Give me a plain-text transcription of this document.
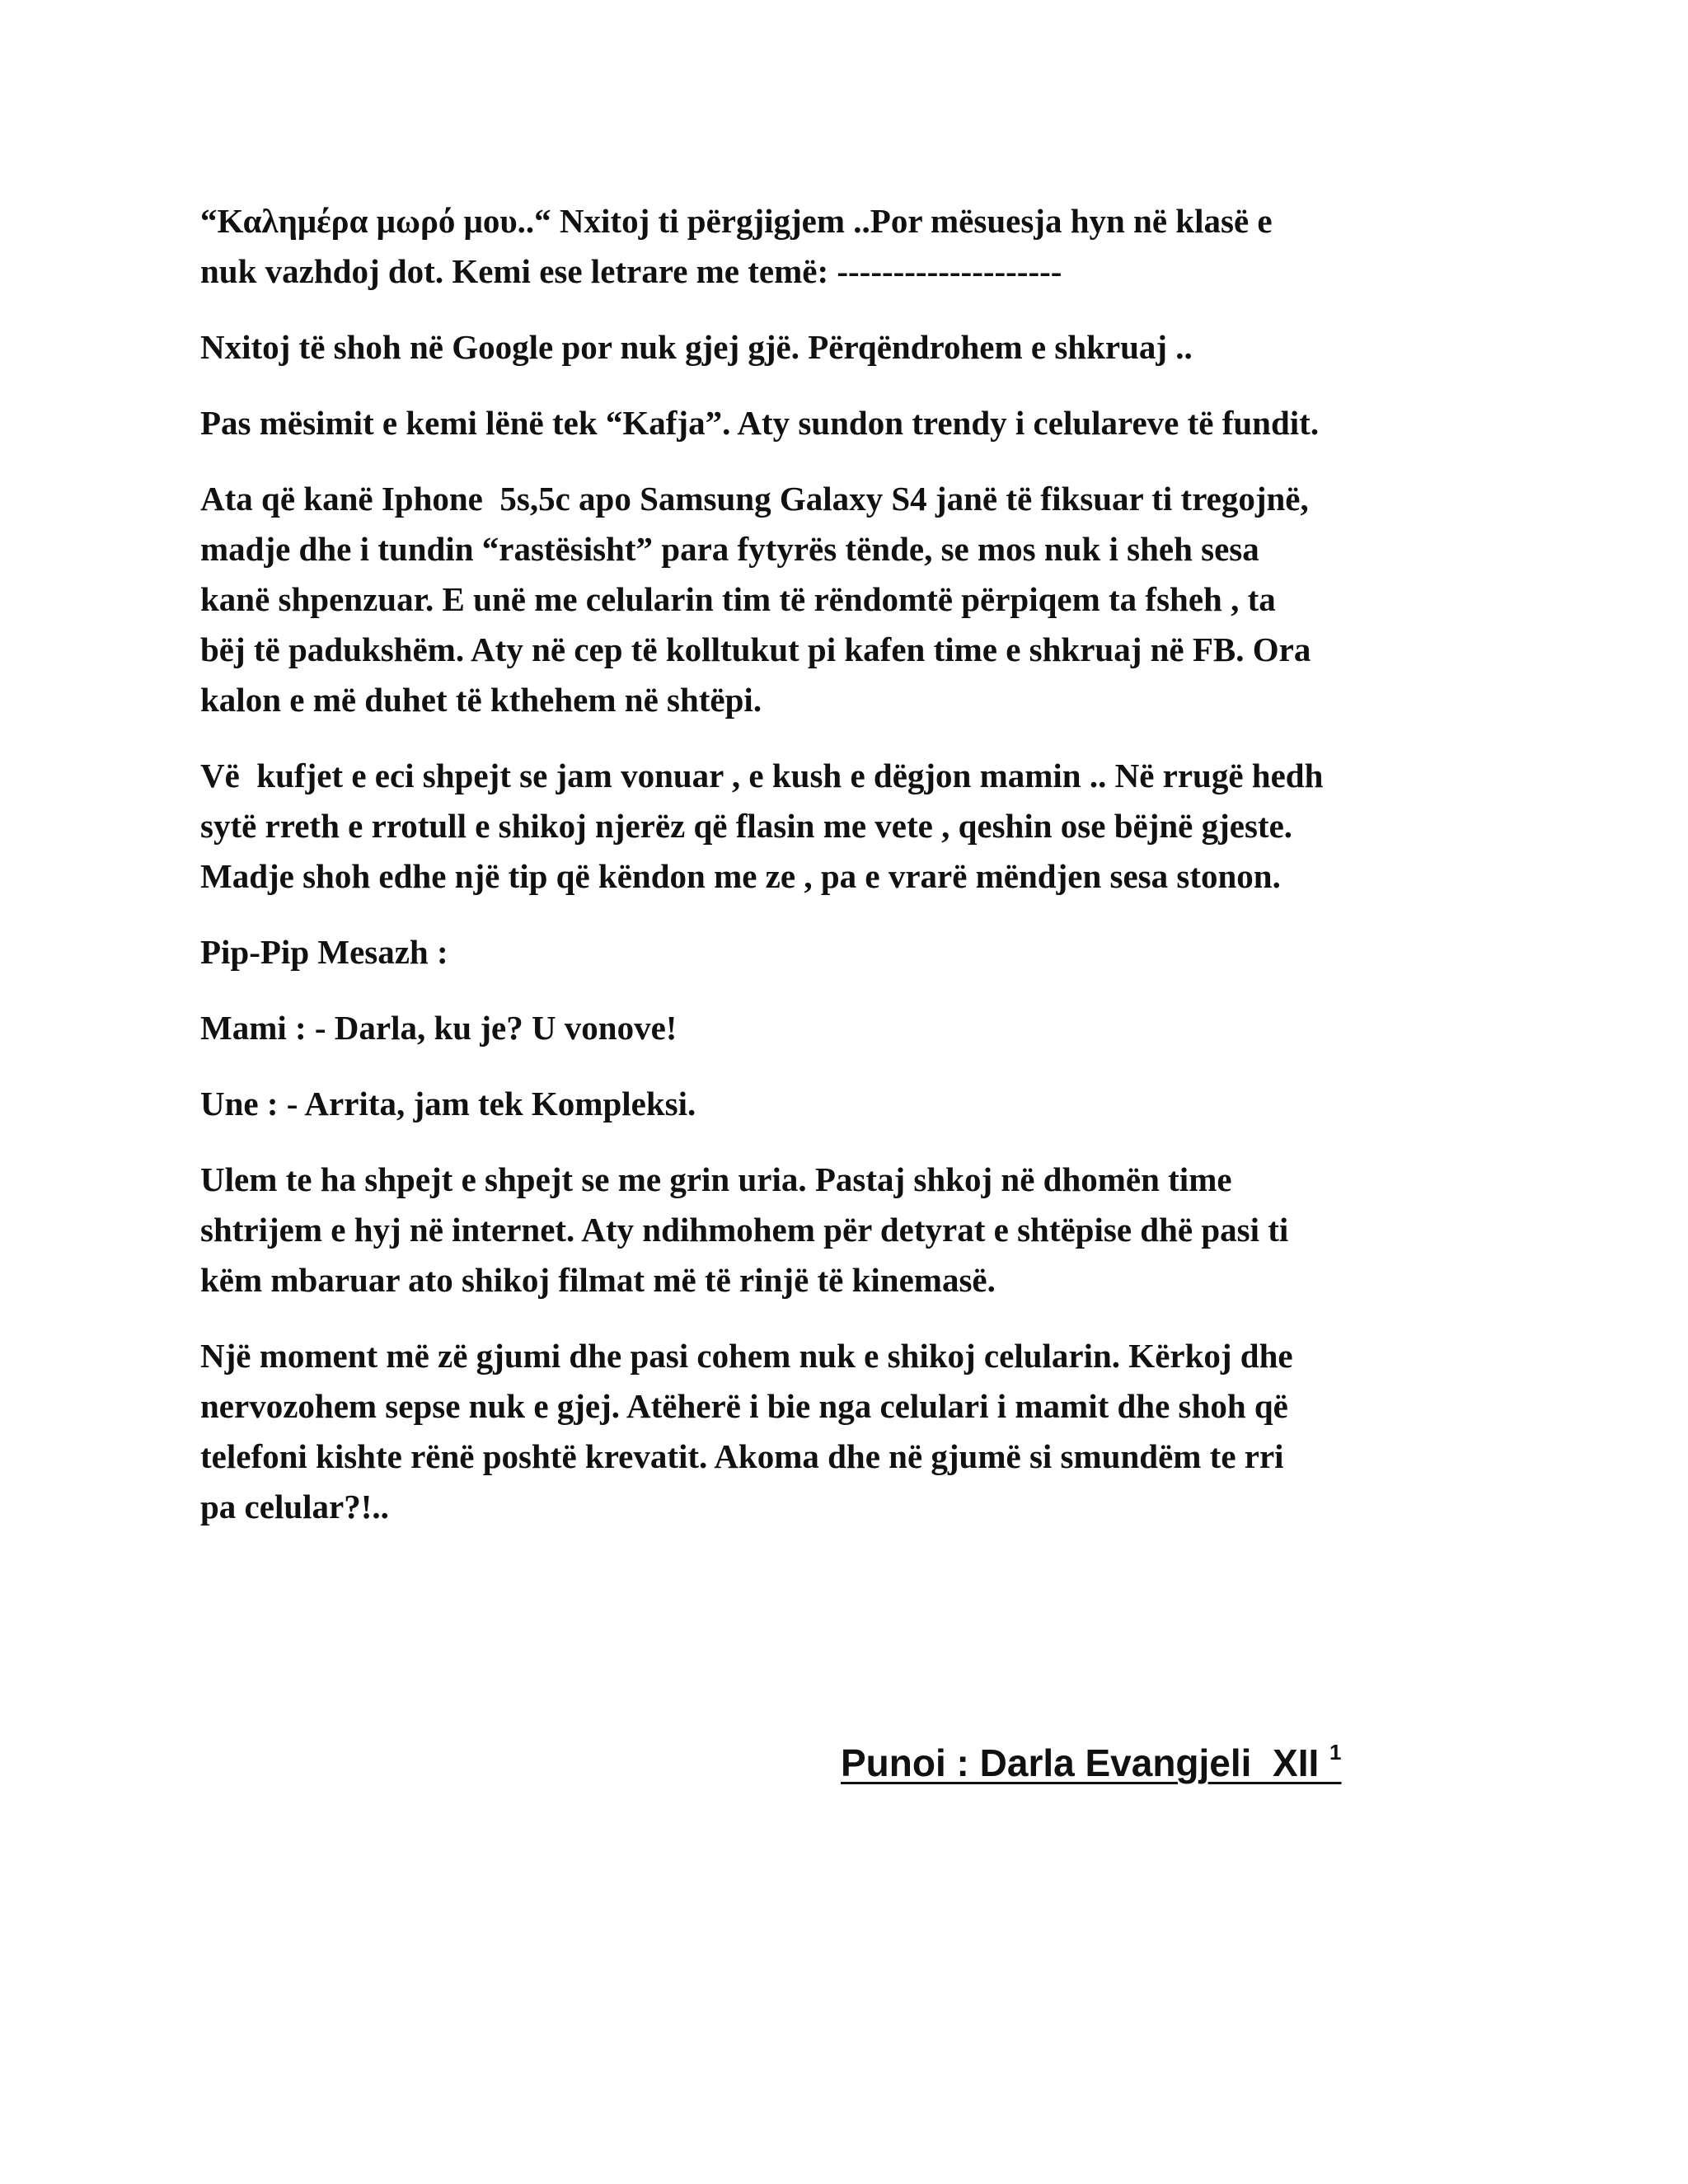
“Καλημέρα μωρό μου..“ Nxitoj ti përgjigjem ..Por mësuesja hyn në klasë e
nuk vazhdoj dot. Kemi ese letrare me temë: --------------------

Nxitoj të shoh në Google por nuk gjej gjë. Përqëndrohem e shkruaj ..

Pas mësimit e kemi lënë tek “Kafja”. Aty sundon trendy i celulareve të fundit.

Ata që kanë Iphone  5s,5c apo Samsung Galaxy S4 janë të fiksuar ti tregojnë,
madje dhe i tundin “rastësisht” para fytyrës tënde, se mos nuk i sheh sesa
kanë shpenzuar. E unë me celularin tim të rëndomtë përpiqem ta fsheh , ta
bëj të padukshëm. Aty në cep të kolltukut pi kafen time e shkruaj në FB. Ora
kalon e më duhet të kthehem në shtëpi.

Vë  kufjet e eci shpejt se jam vonuar , e kush e dëgjon mamin .. Në rrugë hedh
sytë rreth e rrotull e shikoj njerëz që flasin me vete , qeshin ose bëjnë gjeste.
Madje shoh edhe një tip që këndon me ze , pa e vrarë mëndjen sesa stonon.

Pip-Pip Mesazh :

Mami : - Darla, ku je? U vonove!

Une : - Arrita, jam tek Kompleksi.

Ulem te ha shpejt e shpejt se me grin uria. Pastaj shkoj në dhomën time
shtrijem e hyj në internet. Aty ndihmohem për detyrat e shtëpise dhë pasi ti
këm mbaruar ato shikoj filmat më të rinjë të kinemasë.

Një moment më zë gjumi dhe pasi cohem nuk e shikoj celularin. Kërkoj dhe
nervozohem sepse nuk e gjej. Atëherë i bie nga celulari i mamit dhe shoh që
telefoni kishte rënë poshtë krevatit. Akoma dhe në gjumë si smundëm te rri
pa celular?!..

Punoi : Darla Evangjeli  XII $^1$
